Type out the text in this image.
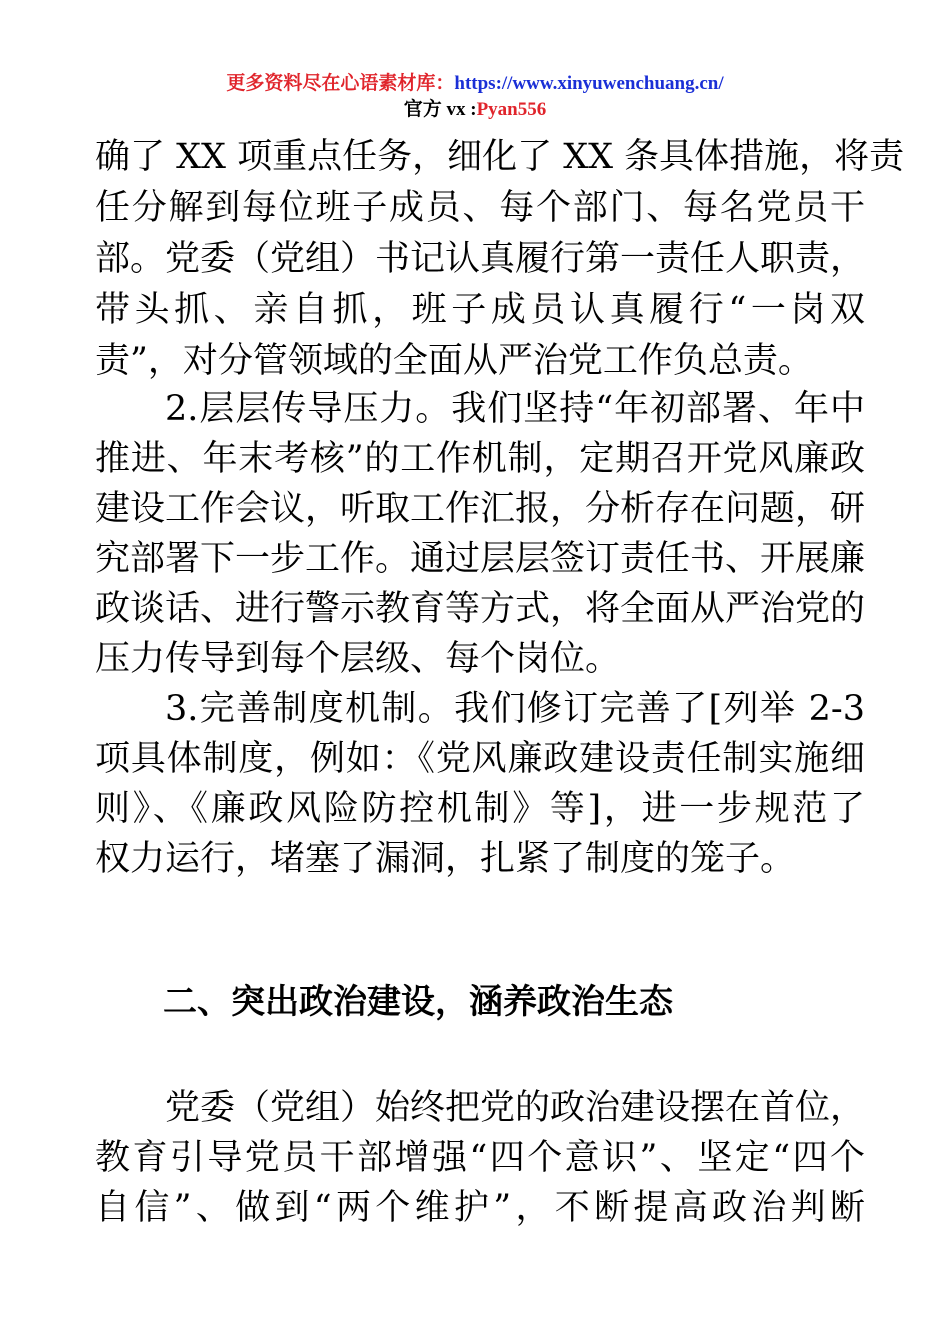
更多资料尽在心语素材库：https://www.xinyuwenchuang.cn/
官方 vx :Pyan556
确了 XX 项重点任务，细化了 XX 条具体措施，将责
任分解到每位班子成员、每个部门、每名党员干
部。党委（党组）书记认真履行第一责任人职责，
带头抓、亲自抓，班子成员认真履行“一岗双
责”，对分管领域的全面从严治党工作负总责。
2.层层传导压力。我们坚持“年初部署、年中
推进、年末考核”的工作机制，定期召开党风廉政
建设工作会议，听取工作汇报，分析存在问题，研
究部署下一步工作。通过层层签订责任书、开展廉
政谈话、进行警示教育等方式，将全面从严治党的
压力传导到每个层级、每个岗位。
3.完善制度机制。我们修订完善了[列举 2-3
项具体制度，例如：《党风廉政建设责任制实施细
则》、《廉政风险防控机制》等]，进一步规范了
权力运行，堵塞了漏洞，扎紧了制度的笼子。
二、突出政治建设，涵养政治生态
党委（党组）始终把党的政治建设摆在首位，
教育引导党员干部增强“四个意识”、坚定“四个
自信”、做到“两个维护”，不断提高政治判断
